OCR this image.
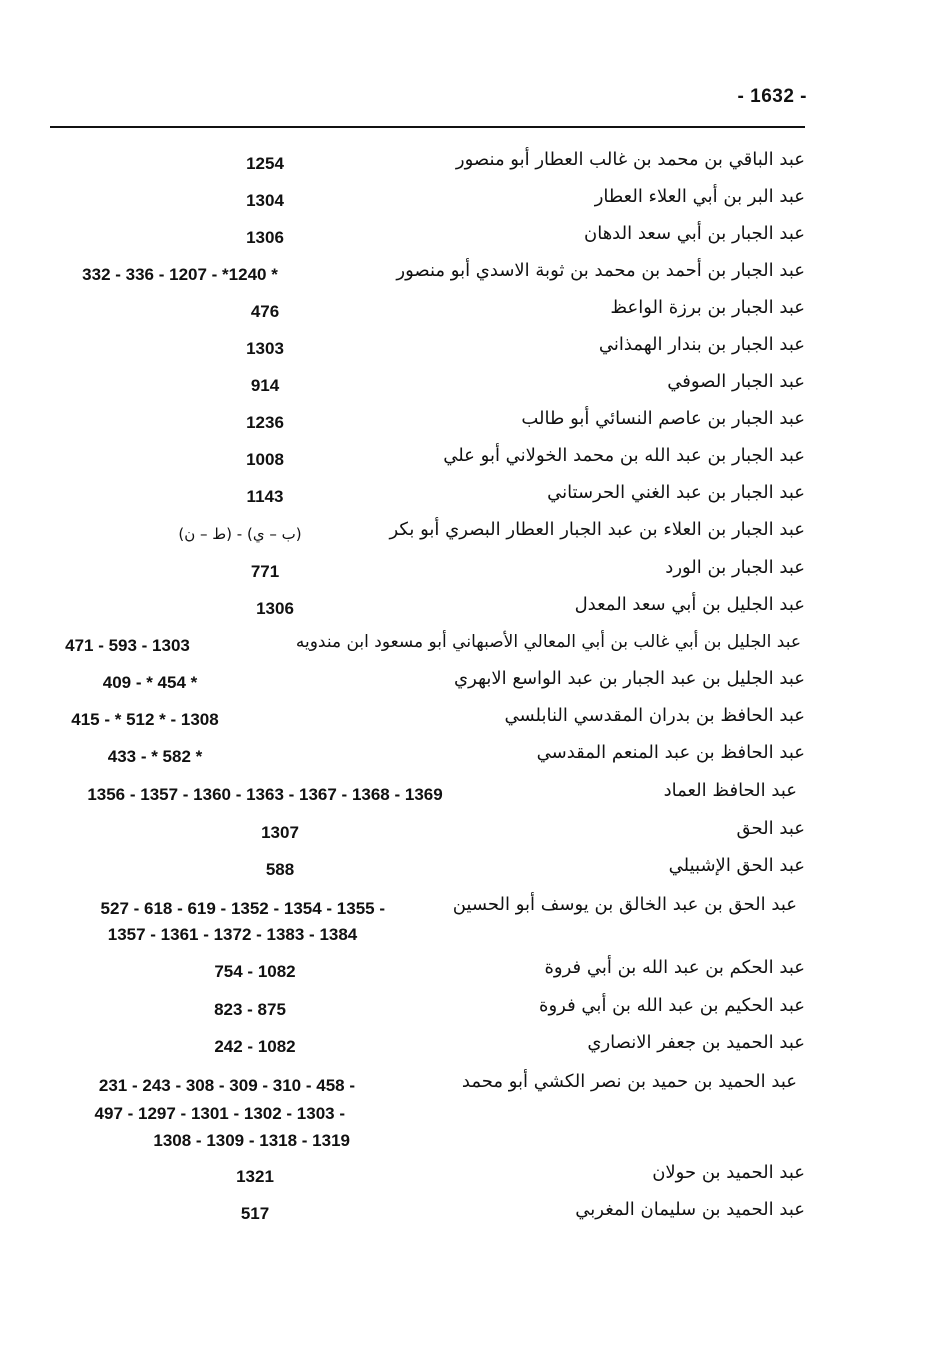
- 1632 -
عبد الباقي بن محمد بن غالب العطار أبو منصور
1254
عبد البر بن أبي العلاء العطار
1304
عبد الجبار بن أبي سعد الدهان
1306
عبد الجبار بن أحمد بن محمد بن ثوبة الاسدي أبو منصور
332 - 336 - 1207 - *1240 *
عبد الجبار بن برزة الواعظ
476
عبد الجبار بن بندار الهمذاني
1303
عبد الجبار الصوفي
914
عبد الجبار بن عاصم النسائي أبو طالب
1236
عبد الجبار بن عبد الله بن محمد الخولاني أبو علي
1008
عبد الجبار بن عبد الغني الحرستاني
1143
عبد الجبار بن العلاء بن عبد الجبار العطار البصري أبو بكر
(ب – ي) - (ط – ن)
عبد الجبار بن الورد
771
عبد الجليل بن أبي سعد المعدل
1306
عبد الجليل بن أبي غالب بن أبي المعالي الأصبهاني أبو مسعود ابن مندويه
471 - 593 - 1303
عبد الجليل بن عبد الجبار بن عبد الواسع الابهري
409 - * 454 *
عبد الحافظ بن بدران المقدسي النابلسي
415 - * 512 * - 1308
عبد الحافظ بن عبد المنعم المقدسي
433 - * 582 *
عبد الحافظ العماد
1356 - 1357 - 1360 - 1363 - 1367 - 1368 - 1369
عبد الحق
1307
عبد الحق الإشبيلي
588
عبد الحق بن عبد الخالق بن يوسف أبو الحسين
527 - 618 - 619 - 1352 - 1354 - 1355 -
1357 - 1361 - 1372 - 1383 - 1384
عبد الحكم بن عبد الله بن أبي فروة
754 - 1082
عبد الحكيم بن عبد الله بن أبي فروة
823 - 875
عبد الحميد بن جعفر الانصاري
242 - 1082
عبد الحميد بن حميد بن نصر الكشي أبو محمد
231 - 243 - 308 - 309 - 310 - 458 -
497 - 1297 - 1301 - 1302 - 1303 -
1308 - 1309 - 1318 - 1319
عبد الحميد بن حولان
1321
عبد الحميد بن سليمان المغربي
517
